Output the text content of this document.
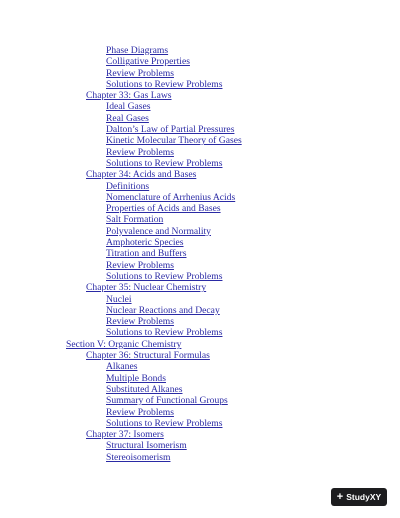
Phase Diagrams
Colligative Properties
Review Problems
Solutions to Review Problems
Chapter 33: Gas Laws
Ideal Gases
Real Gases
Dalton’s Law of Partial Pressures
Kinetic Molecular Theory of Gases
Review Problems
Solutions to Review Problems
Chapter 34: Acids and Bases
Definitions
Nomenclature of Arrhenius Acids
Properties of Acids and Bases
Salt Formation
Polyvalence and Normality
Amphoteric Species
Titration and Buffers
Review Problems
Solutions to Review Problems
Chapter 35: Nuclear Chemistry
Nuclei
Nuclear Reactions and Decay
Review Problems
Solutions to Review Problems
Section V: Organic Chemistry
Chapter 36: Structural Formulas
Alkanes
Multiple Bonds
Substituted Alkanes
Summary of Functional Groups
Review Problems
Solutions to Review Problems
Chapter 37: Isomers
Structural Isomerism
Stereoisomerism
+ StudyXY
